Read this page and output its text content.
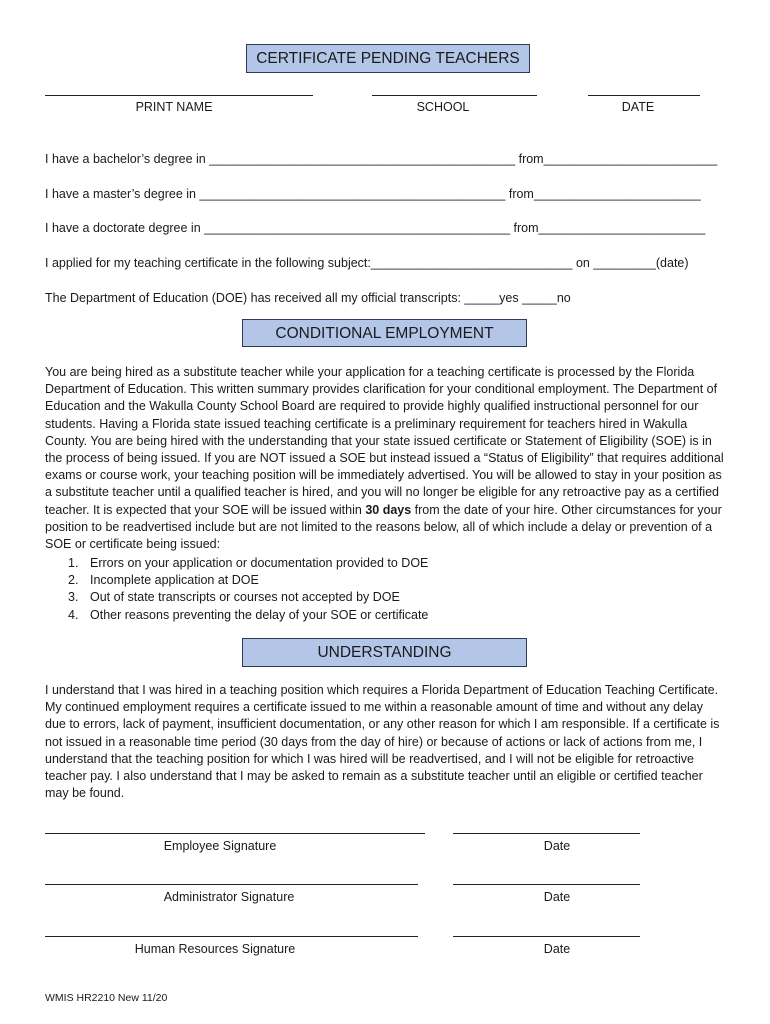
CERTIFICATE PENDING TEACHERS
PRINT NAME	SCHOOL	DATE
I have a bachelor’s degree in ____________________________________________ from_________________________
I have a master’s degree in ____________________________________________ from________________________
I have a doctorate degree in ____________________________________________ from________________________
I applied for my teaching certificate in the following subject:_____________________________ on _________(date)
The Department of Education (DOE) has received all my official transcripts: _____yes _____no
CONDITIONAL EMPLOYMENT
You are being hired as a substitute teacher while your application for a teaching certificate is processed by the Florida Department of Education. This written summary provides clarification for your conditional employment. The Department of Education and the Wakulla County School Board are required to provide highly qualified instructional personnel for our students. Having a Florida state issued teaching certificate is a preliminary requirement for teachers hired in Wakulla County. You are being hired with the understanding that your state issued certificate or Statement of Eligibility (SOE) is in the process of being issued. If you are NOT issued a SOE but instead issued a “Status of Eligibility” that requires additional exams or course work, your teaching position will be immediately advertised. You will be allowed to stay in your position as a substitute teacher until a qualified teacher is hired, and you will no longer be eligible for any retroactive pay as a certified teacher. It is expected that your SOE will be issued within 30 days from the date of your hire. Other circumstances for your position to be readvertised include but are not limited to the reasons below, all of which include a delay or prevention of a SOE or certificate being issued:
1. Errors on your application or documentation provided to DOE
2. Incomplete application at DOE
3. Out of state transcripts or courses not accepted by DOE
4. Other reasons preventing the delay of your SOE or certificate
UNDERSTANDING
I understand that I was hired in a teaching position which requires a Florida Department of Education Teaching Certificate. My continued employment requires a certificate issued to me within a reasonable amount of time and without any delay due to errors, lack of payment, insufficient documentation, or any other reason for which I am responsible. If a certificate is not issued in a reasonable time period (30 days from the day of hire) or because of actions or lack of actions from me, I understand that the teaching position for which I was hired will be readvertised, and I will not be eligible for retroactive teacher pay. I also understand that I may be asked to remain as a substitute teacher until an eligible or certified teacher may be found.
Employee Signature	Date
Administrator Signature	Date
Human Resources Signature	Date
WMIS HR2210 New 11/20
